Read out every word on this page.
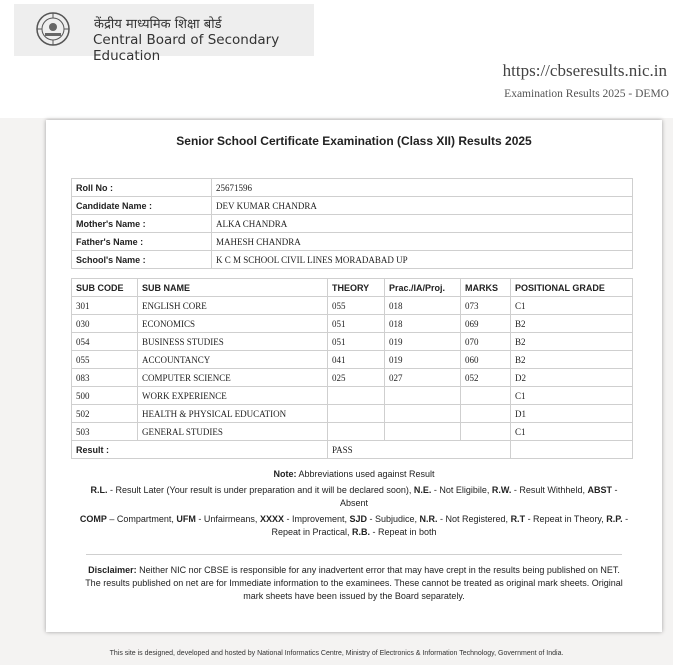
केंद्रीय माध्यमिक शिक्षा बोर्ड
Central Board of Secondary Education
https://cbseresults.nic.in
Examination Results 2025 - DEMO
Senior School Certificate Examination (Class XII) Results 2025
Roll No :	25671596
Candidate Name :	DEV KUMAR CHANDRA
Mother's Name :	ALKA CHANDRA
Father's Name :	MAHESH CHANDRA
School's Name :	K C M SCHOOL CIVIL LINES MORADABAD UP
SUB CODE	SUB NAME	THEORY	Prac./IA/Proj.	MARKS	POSITIONAL GRADE
301	ENGLISH CORE	055	018	073	C1
030	ECONOMICS	051	018	069	B2
054	BUSINESS STUDIES	051	019	070	B2
055	ACCOUNTANCY	041	019	060	B2
083	COMPUTER SCIENCE	025	027	052	D2
500	WORK EXPERIENCE				C1
502	HEALTH & PHYSICAL EDUCATION				D1
503	GENERAL STUDIES				C1
Result :		PASS			

Note: Abbreviations used against Result

R.L. - Result Later (Your result is under preparation and it will be declared soon), N.E. - Not Eligibile, R.W. - Result Withheld, ABST - Absent

COMP – Compartment, UFM - Unfairmeans, XXXX - Improvement, SJD - Subjudice, N.R. - Not Registered, R.T - Repeat in Theory, R.P. - Repeat in Practical, R.B. - Repeat in both

Disclaimer: Neither NIC nor CBSE is responsible for any inadvertent error that may have crept in the results being published on NET. The results published on net are for Immediate information to the examinees. These cannot be treated as original mark sheets. Original mark sheets have been issued by the Board separately.
This site is designed, developed and hosted by National Informatics Centre, Ministry of Electronics & Information Technology, Government of India.
